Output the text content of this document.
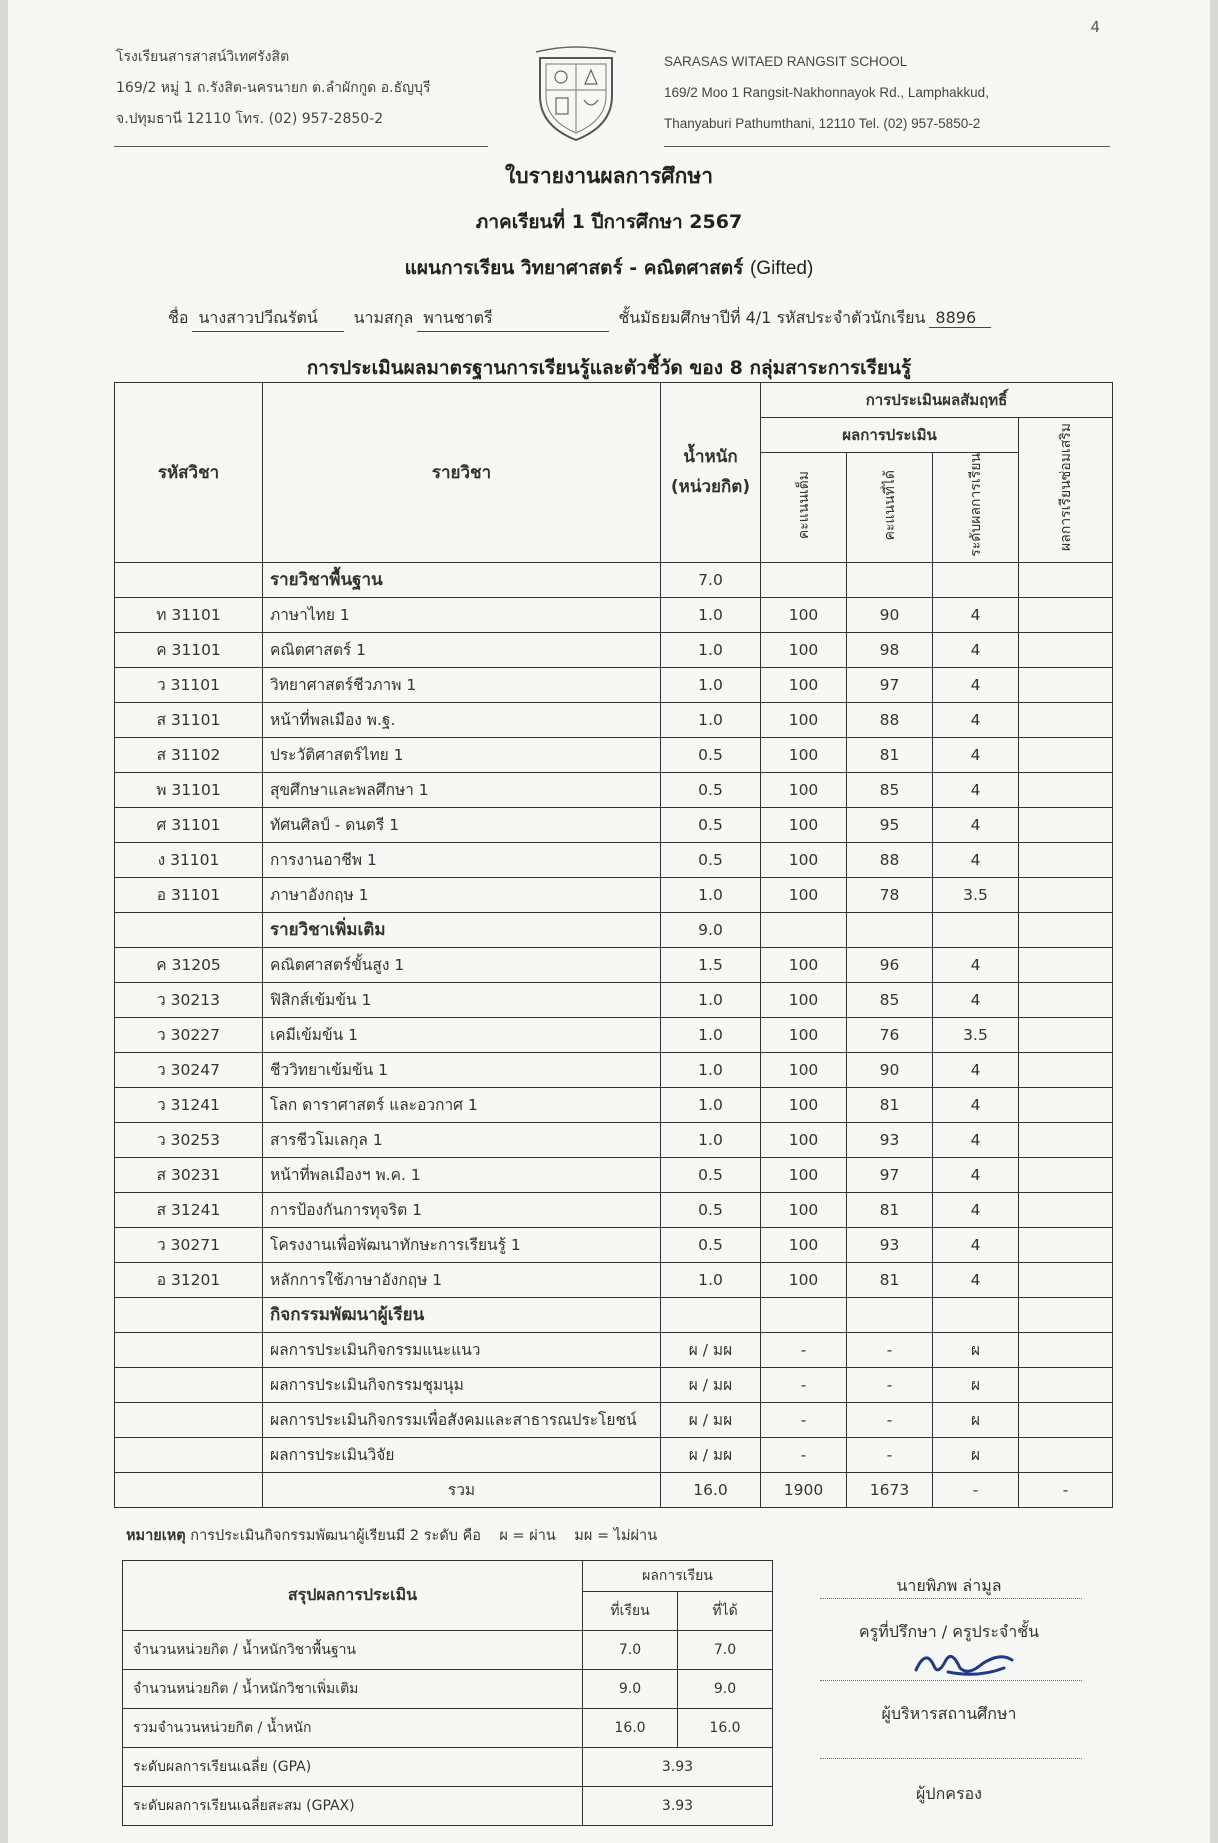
4
โรงเรียนสารสาสน์วิเทศรังสิต
169/2 หมู่ 1 ถ.รังสิต-นครนายก ต.ลำผักกูด อ.ธัญบุรี
จ.ปทุมธานี 12110 โทร. (02) 957-2850-2
SARASAS WITAED RANGSIT SCHOOL
169/2 Moo 1 Rangsit-Nakhonnayok Rd., Lamphakkud,
Thanyaburi Pathumthani, 12110 Tel. (02) 957-5850-2
ใบรายงานผลการศึกษา
ภาคเรียนที่ 1 ปีการศึกษา 2567
แผนการเรียน วิทยาศาสตร์ - คณิตศาสตร์ (Gifted)
ชื่อ นางสาวปวีณรัตน์ นามสกุล พานชาตรี	ชั้นมัธยมศึกษาปีที่ 4/1 รหัสประจำตัวนักเรียน 8896
การประเมินผลมาตรฐานการเรียนรู้และตัวชี้วัด ของ 8 กลุ่มสาระการเรียนรู้
รหัสวิชา	รายวิชา	น้ำหนัก
(หน่วยกิต)	การประเมินผลสัมฤทธิ์			
			ผลการประเมิน			ผลการเรียนซ่อมเสริม
			คะแนนเต็ม	คะแนนที่ได้	ระดับผลการเรียน	
	รายวิชาพื้นฐาน	7.0				
ท 31101	ภาษาไทย 1	1.0	100	90	4	
ค 31101	คณิตศาสตร์ 1	1.0	100	98	4	
ว 31101	วิทยาศาสตร์ชีวภาพ 1	1.0	100	97	4	
ส 31101	หน้าที่พลเมือง พ.ฐ.	1.0	100	88	4	
ส 31102	ประวัติศาสตร์ไทย 1	0.5	100	81	4	
พ 31101	สุขศึกษาและพลศึกษา 1	0.5	100	85	4	
ศ 31101	ทัศนศิลป์ - ดนตรี 1	0.5	100	95	4	
ง 31101	การงานอาชีพ 1	0.5	100	88	4	
อ 31101	ภาษาอังกฤษ 1	1.0	100	78	3.5	
	รายวิชาเพิ่มเติม	9.0				
ค 31205	คณิตศาสตร์ขั้นสูง 1	1.5	100	96	4	
ว 30213	ฟิสิกส์เข้มข้น 1	1.0	100	85	4	
ว 30227	เคมีเข้มข้น 1	1.0	100	76	3.5	
ว 30247	ชีววิทยาเข้มข้น 1	1.0	100	90	4	
ว 31241	โลก ดาราศาสตร์ และอวกาศ 1	1.0	100	81	4	
ว 30253	สารชีวโมเลกุล 1	1.0	100	93	4	
ส 30231	หน้าที่พลเมืองฯ พ.ค. 1	0.5	100	97	4	
ส 31241	การป้องกันการทุจริต 1	0.5	100	81	4	
ว 30271	โครงงานเพื่อพัฒนาทักษะการเรียนรู้ 1	0.5	100	93	4	
อ 31201	หลักการใช้ภาษาอังกฤษ 1	1.0	100	81	4	
	กิจกรรมพัฒนาผู้เรียน					
	ผลการประเมินกิจกรรมแนะแนว	ผ / มผ	-	-	ผ	
	ผลการประเมินกิจกรรมชุมนุม	ผ / มผ	-	-	ผ	
	ผลการประเมินกิจกรรมเพื่อสังคมและสาธารณประโยชน์	ผ / มผ	-	-	ผ	
	ผลการประเมินวิจัย	ผ / มผ	-	-	ผ	
	รวม	16.0	1900	1673	-	-
หมายเหตุ การประเมินกิจกรรมพัฒนาผู้เรียนมี 2 ระดับ คือ ผ = ผ่าน มผ = ไม่ผ่าน
สรุปผลการประเมิน	ผลการเรียน	
	ที่เรียน	ที่ได้
จำนวนหน่วยกิต / น้ำหนักวิชาพื้นฐาน	7.0	7.0
จำนวนหน่วยกิต / น้ำหนักวิชาเพิ่มเติม	9.0	9.0
รวมจำนวนหน่วยกิต / น้ำหนัก	16.0	16.0
ระดับผลการเรียนเฉลี่ย (GPA)	3.93	
ระดับผลการเรียนเฉลี่ยสะสม (GPAX)	3.93	
นายพิภพ ล่ามูล
ครูที่ปรึกษา / ครูประจำชั้น
ผู้บริหารสถานศึกษา
ผู้ปกครอง
